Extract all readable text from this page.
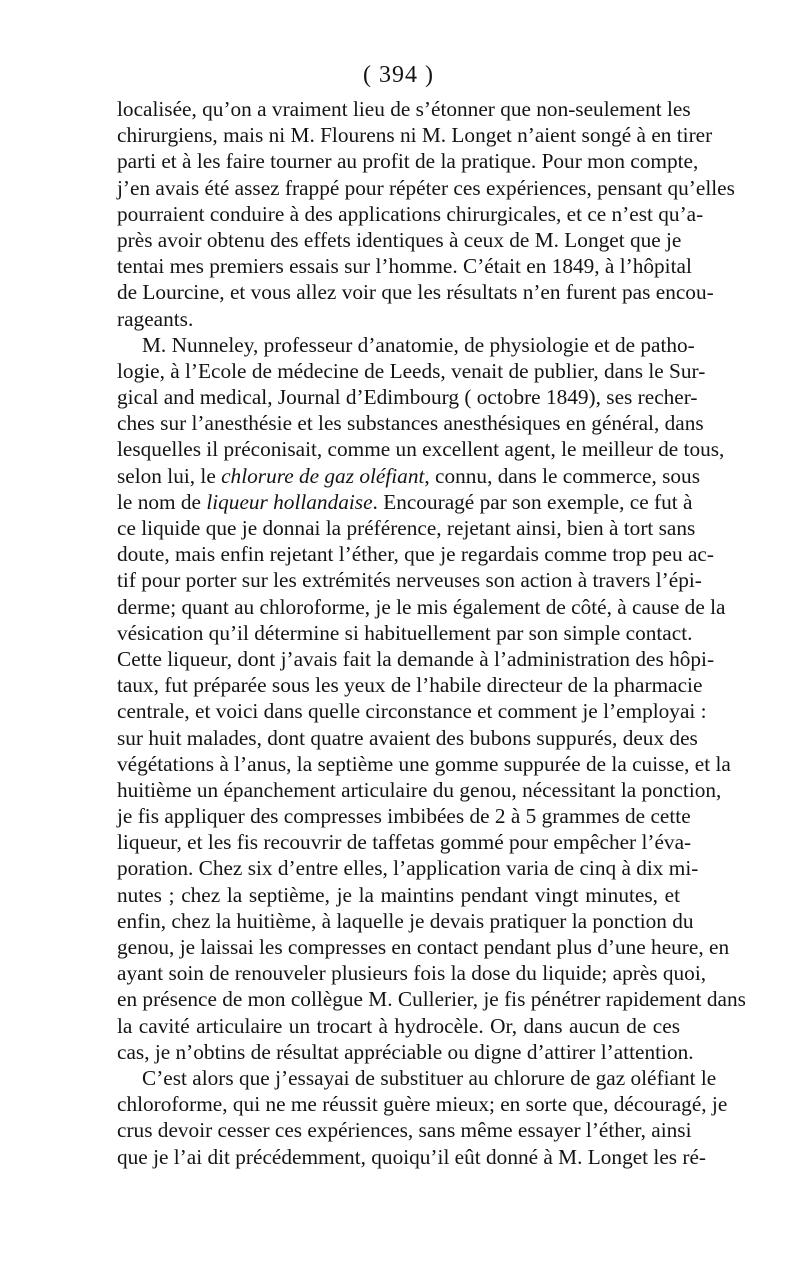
( 394 )
localisée, qu’on a vraiment lieu de s’étonner que non-seulement les
chirurgiens, mais ni M. Flourens ni M. Longet n’aient songé à en tirer
parti et à les faire tourner au profit de la pratique. Pour mon compte,
j’en avais été assez frappé pour répéter ces expériences, pensant qu’elles
pourraient conduire à des applications chirurgicales, et ce n’est qu’a-
près avoir obtenu des effets identiques à ceux de M. Longet que je
tentai mes premiers essais sur l’homme. C’était en 1849, à l’hôpital
de Lourcine, et vous allez voir que les résultats n’en furent pas encou-
rageants.
M. Nunneley, professeur d’anatomie, de physiologie et de patho-
logie, à l’Ecole de médecine de Leeds, venait de publier, dans le Sur-
gical and medical, Journal d’Edimbourg ( octobre 1849), ses recher-
ches sur l’anesthésie et les substances anesthésiques en général, dans
lesquelles il préconisait, comme un excellent agent, le meilleur de tous,
selon lui, le chlorure de gaz oléfiant, connu, dans le commerce, sous
le nom de liqueur hollandaise. Encouragé par son exemple, ce fut à
ce liquide que je donnai la préférence, rejetant ainsi, bien à tort sans
doute, mais enfin rejetant l’éther, que je regardais comme trop peu ac-
tif pour porter sur les extrémités nerveuses son action à travers l’épi-
derme; quant au chloroforme, je le mis également de côté, à cause de la
vésication qu’il détermine si habituellement par son simple contact.
Cette liqueur, dont j’avais fait la demande à l’administration des hôpi-
taux, fut préparée sous les yeux de l’habile directeur de la pharmacie
centrale, et voici dans quelle circonstance et comment je l’employai :
sur huit malades, dont quatre avaient des bubons suppurés, deux des
végétations à l’anus, la septième une gomme suppurée de la cuisse, et la
huitième un épanchement articulaire du genou, nécessitant la ponction,
je fis appliquer des compresses imbibées de 2 à 5 grammes de cette
liqueur, et les fis recouvrir de taffetas gommé pour empêcher l’éva-
poration. Chez six d’entre elles, l’application varia de cinq à dix mi-
nutes ; chez la septième, je la maintins pendant vingt minutes, et
enfin, chez la huitième, à laquelle je devais pratiquer la ponction du
genou, je laissai les compresses en contact pendant plus d’une heure, en
ayant soin de renouveler plusieurs fois la dose du liquide; après quoi,
en présence de mon collègue M. Cullerier, je fis pénétrer rapidement dans
la cavité articulaire un trocart à hydrocèle. Or, dans aucun de ces
cas, je n’obtins de résultat appréciable ou digne d’attirer l’attention.
C’est alors que j’essayai de substituer au chlorure de gaz oléfiant le
chloroforme, qui ne me réussit guère mieux; en sorte que, découragé, je
crus devoir cesser ces expériences, sans même essayer l’éther, ainsi
que je l’ai dit précédemment, quoiqu’il eût donné à M. Longet les ré-
